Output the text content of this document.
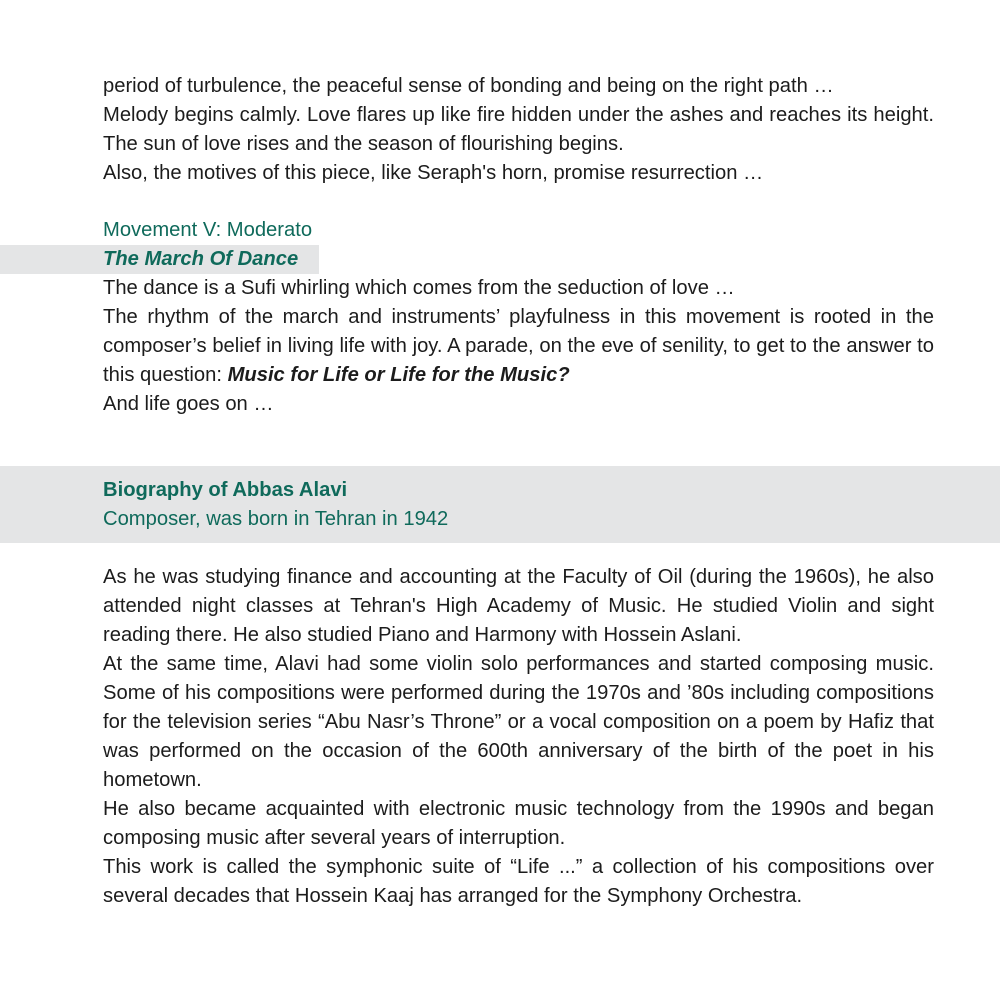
period of turbulence, the peaceful sense of bonding and being on the right path …

Melody begins calmly. Love flares up like fire hidden under the ashes and reaches its height. The sun of love rises and the season of flourishing begins.

Also, the motives of this piece, like Seraph's horn, promise resurrection …

Movement V: Moderato

The March Of Dance

The dance is a Sufi whirling which comes from the seduction of love …

The rhythm of the march and instruments’ playfulness in this movement is rooted in the composer’s belief in living life with joy. A parade, on the eve of senility, to get to the answer to this question: Music for Life or Life for the Music?

And life goes on …

Biography of Abbas Alavi

Composer, was born in Tehran in 1942

As he was studying finance and accounting at the Faculty of Oil (during the 1960s), he also attended night classes at Tehran's High Academy of Music. He studied Violin and sight reading there. He also studied Piano and Harmony with Hossein Aslani.

At the same time, Alavi had some violin solo performances and started composing music. Some of his compositions were performed during the 1970s and ’80s including compositions for the television series “Abu Nasr’s Throne” or a vocal composition on a poem by Hafiz that was performed on the occasion of the 600th anniversary of the birth of the poet in his hometown.

He also became acquainted with electronic music technology from the 1990s and began composing music after several years of interruption.

This work is called the symphonic suite of “Life ...” a collection of his compositions over several decades that Hossein Kaaj has arranged for the Symphony Orchestra.
